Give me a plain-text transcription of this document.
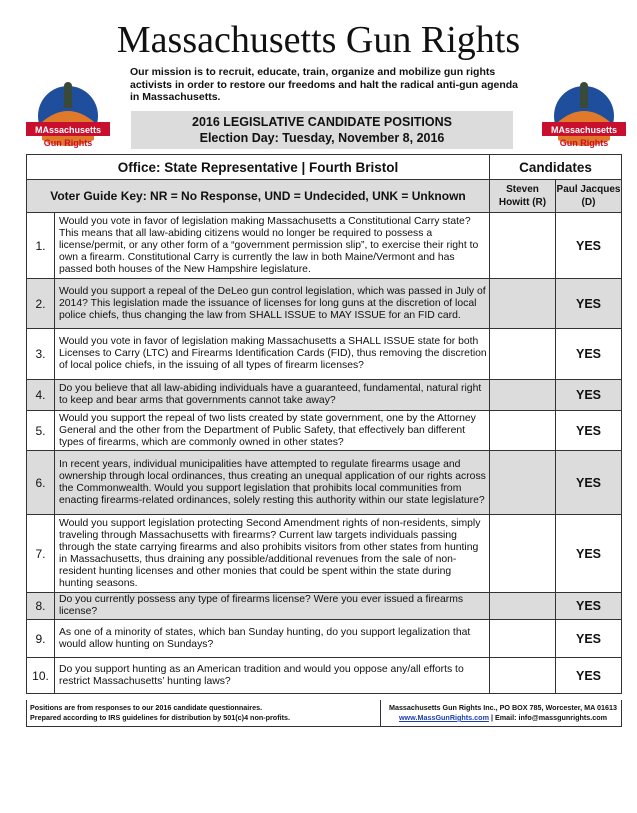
Massachusetts Gun Rights
MAssachusetts
Gun Rights
MAssachusetts
Gun Rights
Our mission is to recruit, educate, train, organize and mobilize gun rights activists in order to restore our freedoms and halt the radical anti-gun agenda in Massachusetts.
2016 LEGISLATIVE CANDIDATE POSITIONS
Election Day: Tuesday, November 8, 2016
Office: State Representative | Fourth Bristol		Candidates	
Voter Guide Key: NR = No Response, UND = Undecided, UNK = Unknown		Steven Howitt (R)	Paul Jacques (D)
1.	Would you vote in favor of legislation making Massachusetts a Constitutional Carry state? This means that all law-abiding citizens would no longer be required to possess a license/permit, or any other form of a “government permission slip”, to exercise their right to own a firearm. Constitutional Carry is currently the law in both Maine/Vermont and has passed both houses of the New Hampshire legislature.		YES
2.	Would you support a repeal of the DeLeo gun control legislation, which was passed in July of 2014? This legislation made the issuance of licenses for long guns at the discretion of local police chiefs, thus changing the law from SHALL ISSUE to MAY ISSUE for an FID card.		YES
3.	Would you vote in favor of legislation making Massachusetts a SHALL ISSUE state for both Licenses to Carry (LTC) and Firearms Identification Cards (FID), thus removing the discretion of local police chiefs, in the issuing of all types of firearm licenses?		YES
4.	Do you believe that all law-abiding individuals have a guaranteed, fundamental, natural right to keep and bear arms that governments cannot take away?		YES
5.	Would you support the repeal of two lists created by state government, one by the Attorney General and the other from the Department of Public Safety, that effectively ban different types of firearms, which are commonly owned in other states?		YES
6.	In recent years, individual municipalities have attempted to regulate firearms usage and ownership through local ordinances, thus creating an unequal application of our rights across the Commonwealth. Would you support legislation that prohibits local communities from enacting firearms-related ordinances, solely resting this authority within our state legislature?		YES
7.	Would you support legislation protecting Second Amendment rights of non-residents, simply traveling through Massachusetts with firearms? Current law targets individuals passing through the state carrying firearms and also prohibits visitors from other states from hunting in Massachusetts, thus draining any possible/additional revenues from the sale of non-resident hunting licenses and other monies that could be spent within the state during hunting seasons.		YES
8.	Do you currently possess any type of firearms license? Were you ever issued a firearms license?		YES
9.	As one of a minority of states, which ban Sunday hunting, do you support legalization that would allow hunting on Sundays?		YES
10.	Do you support hunting as an American tradition and would you oppose any/all efforts to restrict Massachusetts’ hunting laws?		YES
Positions are from responses to our 2016 candidate questionnaires.
Prepared according to IRS guidelines for distribution by 501(c)4 non-profits.
Massachusetts Gun Rights Inc., PO BOX 785, Worcester, MA 01613
www.MassGunRights.com | Email: info@massgunrights.com
